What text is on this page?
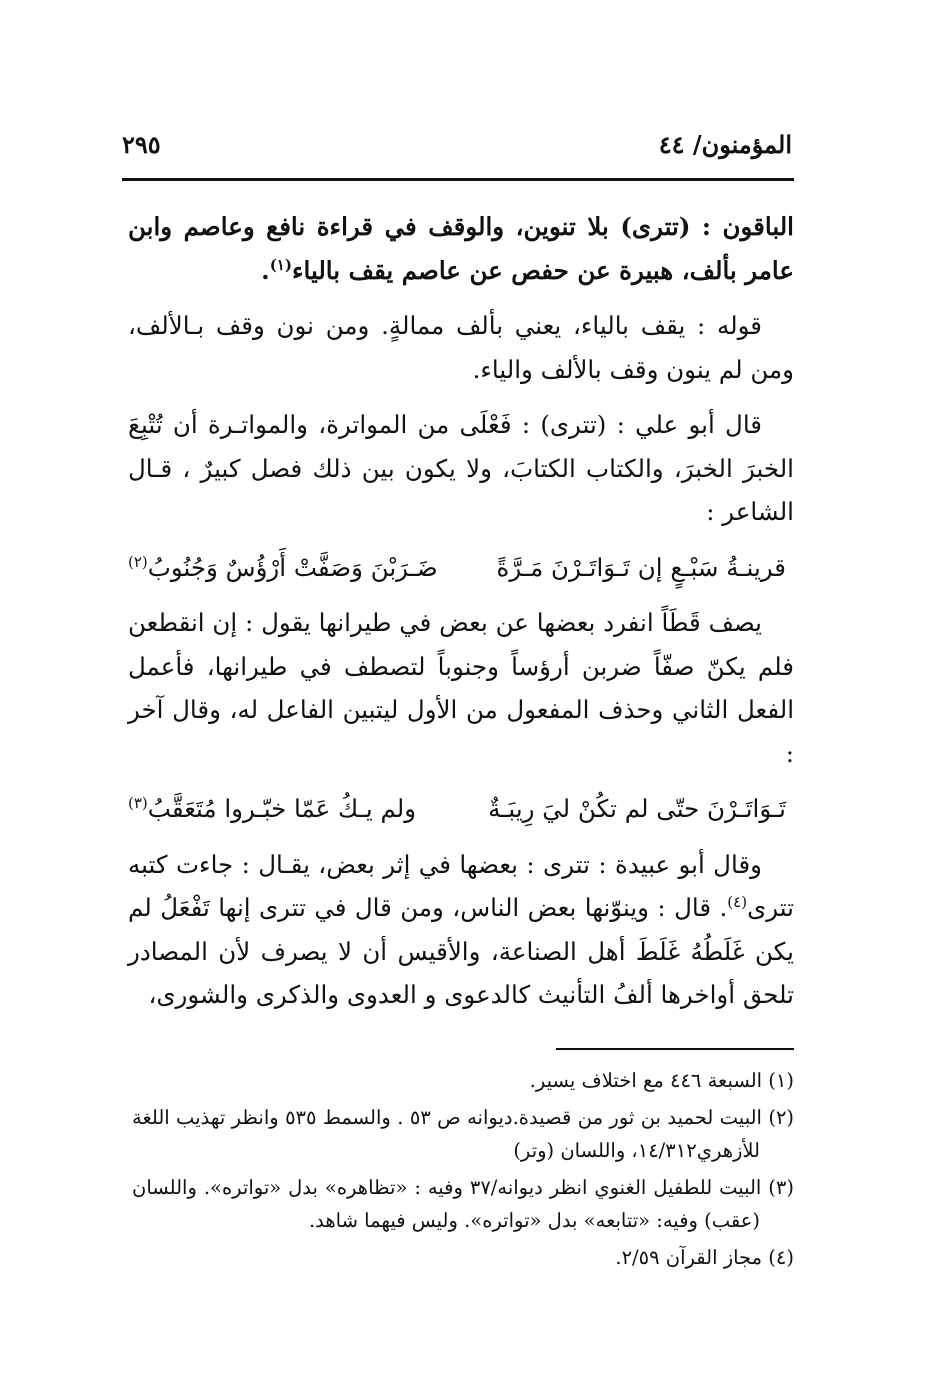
المؤمنون/ ٤٤
٢٩٥

الباقون : (تترى) بلا تنوين، والوقف في قراءة نافع وعاصم وابن عامر بألف، هبيرة عن حفص عن عاصم يقف بالياء$^{(١)}$.

قوله : يقف بالياء، يعني بألف ممالةٍ. ومن نون وقف بـالألف، ومن لم ينون وقف بالألف والياء.

قال أبو علي : (تترى) : فَعْلَى من المواترة، والمواتـرة أن تُتْبِعَ الخبرَ الخبرَ، والكتاب الكتابَ، ولا يكون بين ذلك فصل كبيرٌ ، قـال الشاعر :

قرينـةُ سَبْـعٍ إن تَـوَاتَـرْنَ مَـرَّةً
ضَـرَبْنَ وَصَفَّتْ أَرْؤُسٌ وَجُنُوبُ$^{(٢)}$

يصف قَطَاً انفرد بعضها عن بعض في طيرانها يقول : إن انقطعن فلم يكنّ صفّاً ضربن أرؤساً وجنوباً لتصطف في طيرانها، فأعمل الفعل الثاني وحذف المفعول من الأول ليتبين الفاعل له، وقال آخر :

تَـوَاتَـرْنَ حتّى لم تكُنْ ليَ رِيبَـةٌ
ولم يـكُ عَمّا خبّـروا مُتَعَقَّبُ$^{(٣)}$

وقال أبو عبيدة : تترى : بعضها في إثر بعض، يقـال : جاءت كتبه تترى$^{(٤)}$. قال : وينوّنها بعض الناس، ومن قال في تترى إنها تَفْعَلُ لم يكن غَلَطُهُ غَلَطَ أهل الصناعة، والأقيس أن لا يصرف لأن المصادر تلحق أواخرها ألفُ التأنيث كالدعوى و العدوى والذكرى والشورى،

(١) السبعة ٤٤٦ مع اختلاف يسير.

(٢) البيت لحميد بن ثور من قصيدة.ديوانه ص ٥٣ . والسمط ٥٣٥ وانظر تهذيب اللغة للأزهري١٤/٣١٢، واللسان (وتر)

(٣) البيت للطفيل الغنوي انظر ديوانه/٣٧ وفيه : «تظاهره» بدل «تواتره». واللسان (عقب) وفيه: «تتابعه» بدل «تواتره». وليس فيهما شاهد.

(٤) مجاز القرآن ٢/٥٩.
